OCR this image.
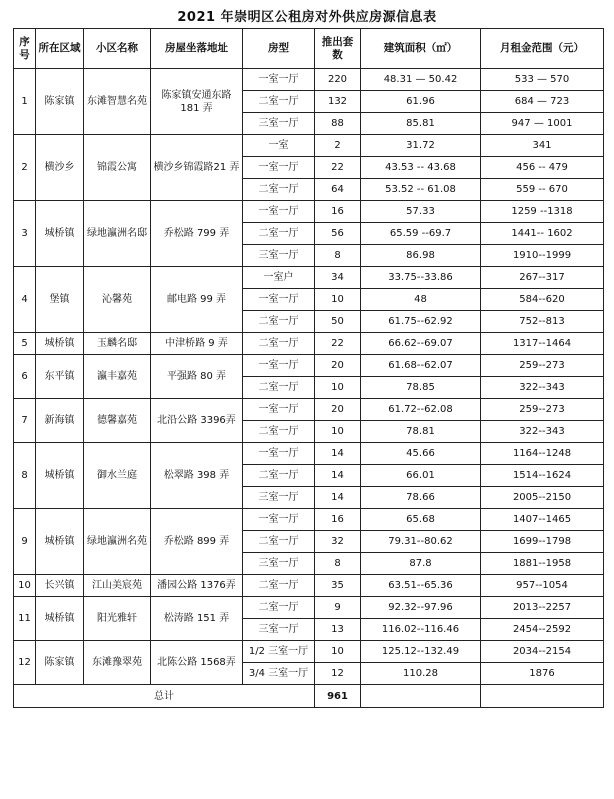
2021 年崇明区公租房对外供应房源信息表
序号	所在区域	小区名称	房屋坐落地址	房型	推出套数	建筑面积（㎡）	月租金范围（元）
1	陈家镇	东滩智慧名苑	陈家镇安通东路181 弄	一室一厅	220	48.31 — 50.42	533 — 570
				二室一厅	132	61.96	684 — 723
				三室一厅	88	85.81	947 — 1001
2	横沙乡	锦霞公寓	横沙乡锦霞路21 弄	一室	2	31.72	341
				一室一厅	22	43.53 -- 43.68	456 -- 479
				二室一厅	64	53.52 -- 61.08	559 -- 670
3	城桥镇	绿地瀛洲名邸	乔松路 799 弄	一室一厅	16	57.33	1259 --1318
				二室一厅	56	65.59 --69.7	1441-- 1602
				三室一厅	8	86.98	1910--1999
4	堡镇	沁馨苑	邮电路 99 弄	一室户	34	33.75--33.86	267--317
				一室一厅	10	48	584--620
				二室一厅	50	61.75--62.92	752--813
5	城桥镇	玉麟名邸	中津桥路 9 弄	二室一厅	22	66.62--69.07	1317--1464
6	东平镇	瀛丰嘉苑	平强路 80 弄	一室一厅	20	61.68--62.07	259--273
				二室一厅	10	78.85	322--343
7	新海镇	德馨嘉苑	北沿公路 3396弄	一室一厅	20	61.72--62.08	259--273
				二室一厅	10	78.81	322--343
8	城桥镇	御水兰庭	松翠路 398 弄	一室一厅	14	45.66	1164--1248
				二室一厅	14	66.01	1514--1624
				三室一厅	14	78.66	2005--2150
9	城桥镇	绿地瀛洲名苑	乔松路 899 弄	一室一厅	16	65.68	1407--1465
				二室一厅	32	79.31--80.62	1699--1798
				三室一厅	8	87.8	1881--1958
10	长兴镇	江山美宸苑	潘园公路 1376弄	二室一厅	35	63.51--65.36	957--1054
11	城桥镇	阳光雅轩	松涛路 151 弄	二室一厅	9	92.32--97.96	2013--2257
				三室一厅	13	116.02--116.46	2454--2592
12	陈家镇	东滩豫翠苑	北陈公路 1568弄	1/2 三室一厅	10	125.12--132.49	2034--2154
				3/4 三室一厅	12	110.28	1876
总计					961		
